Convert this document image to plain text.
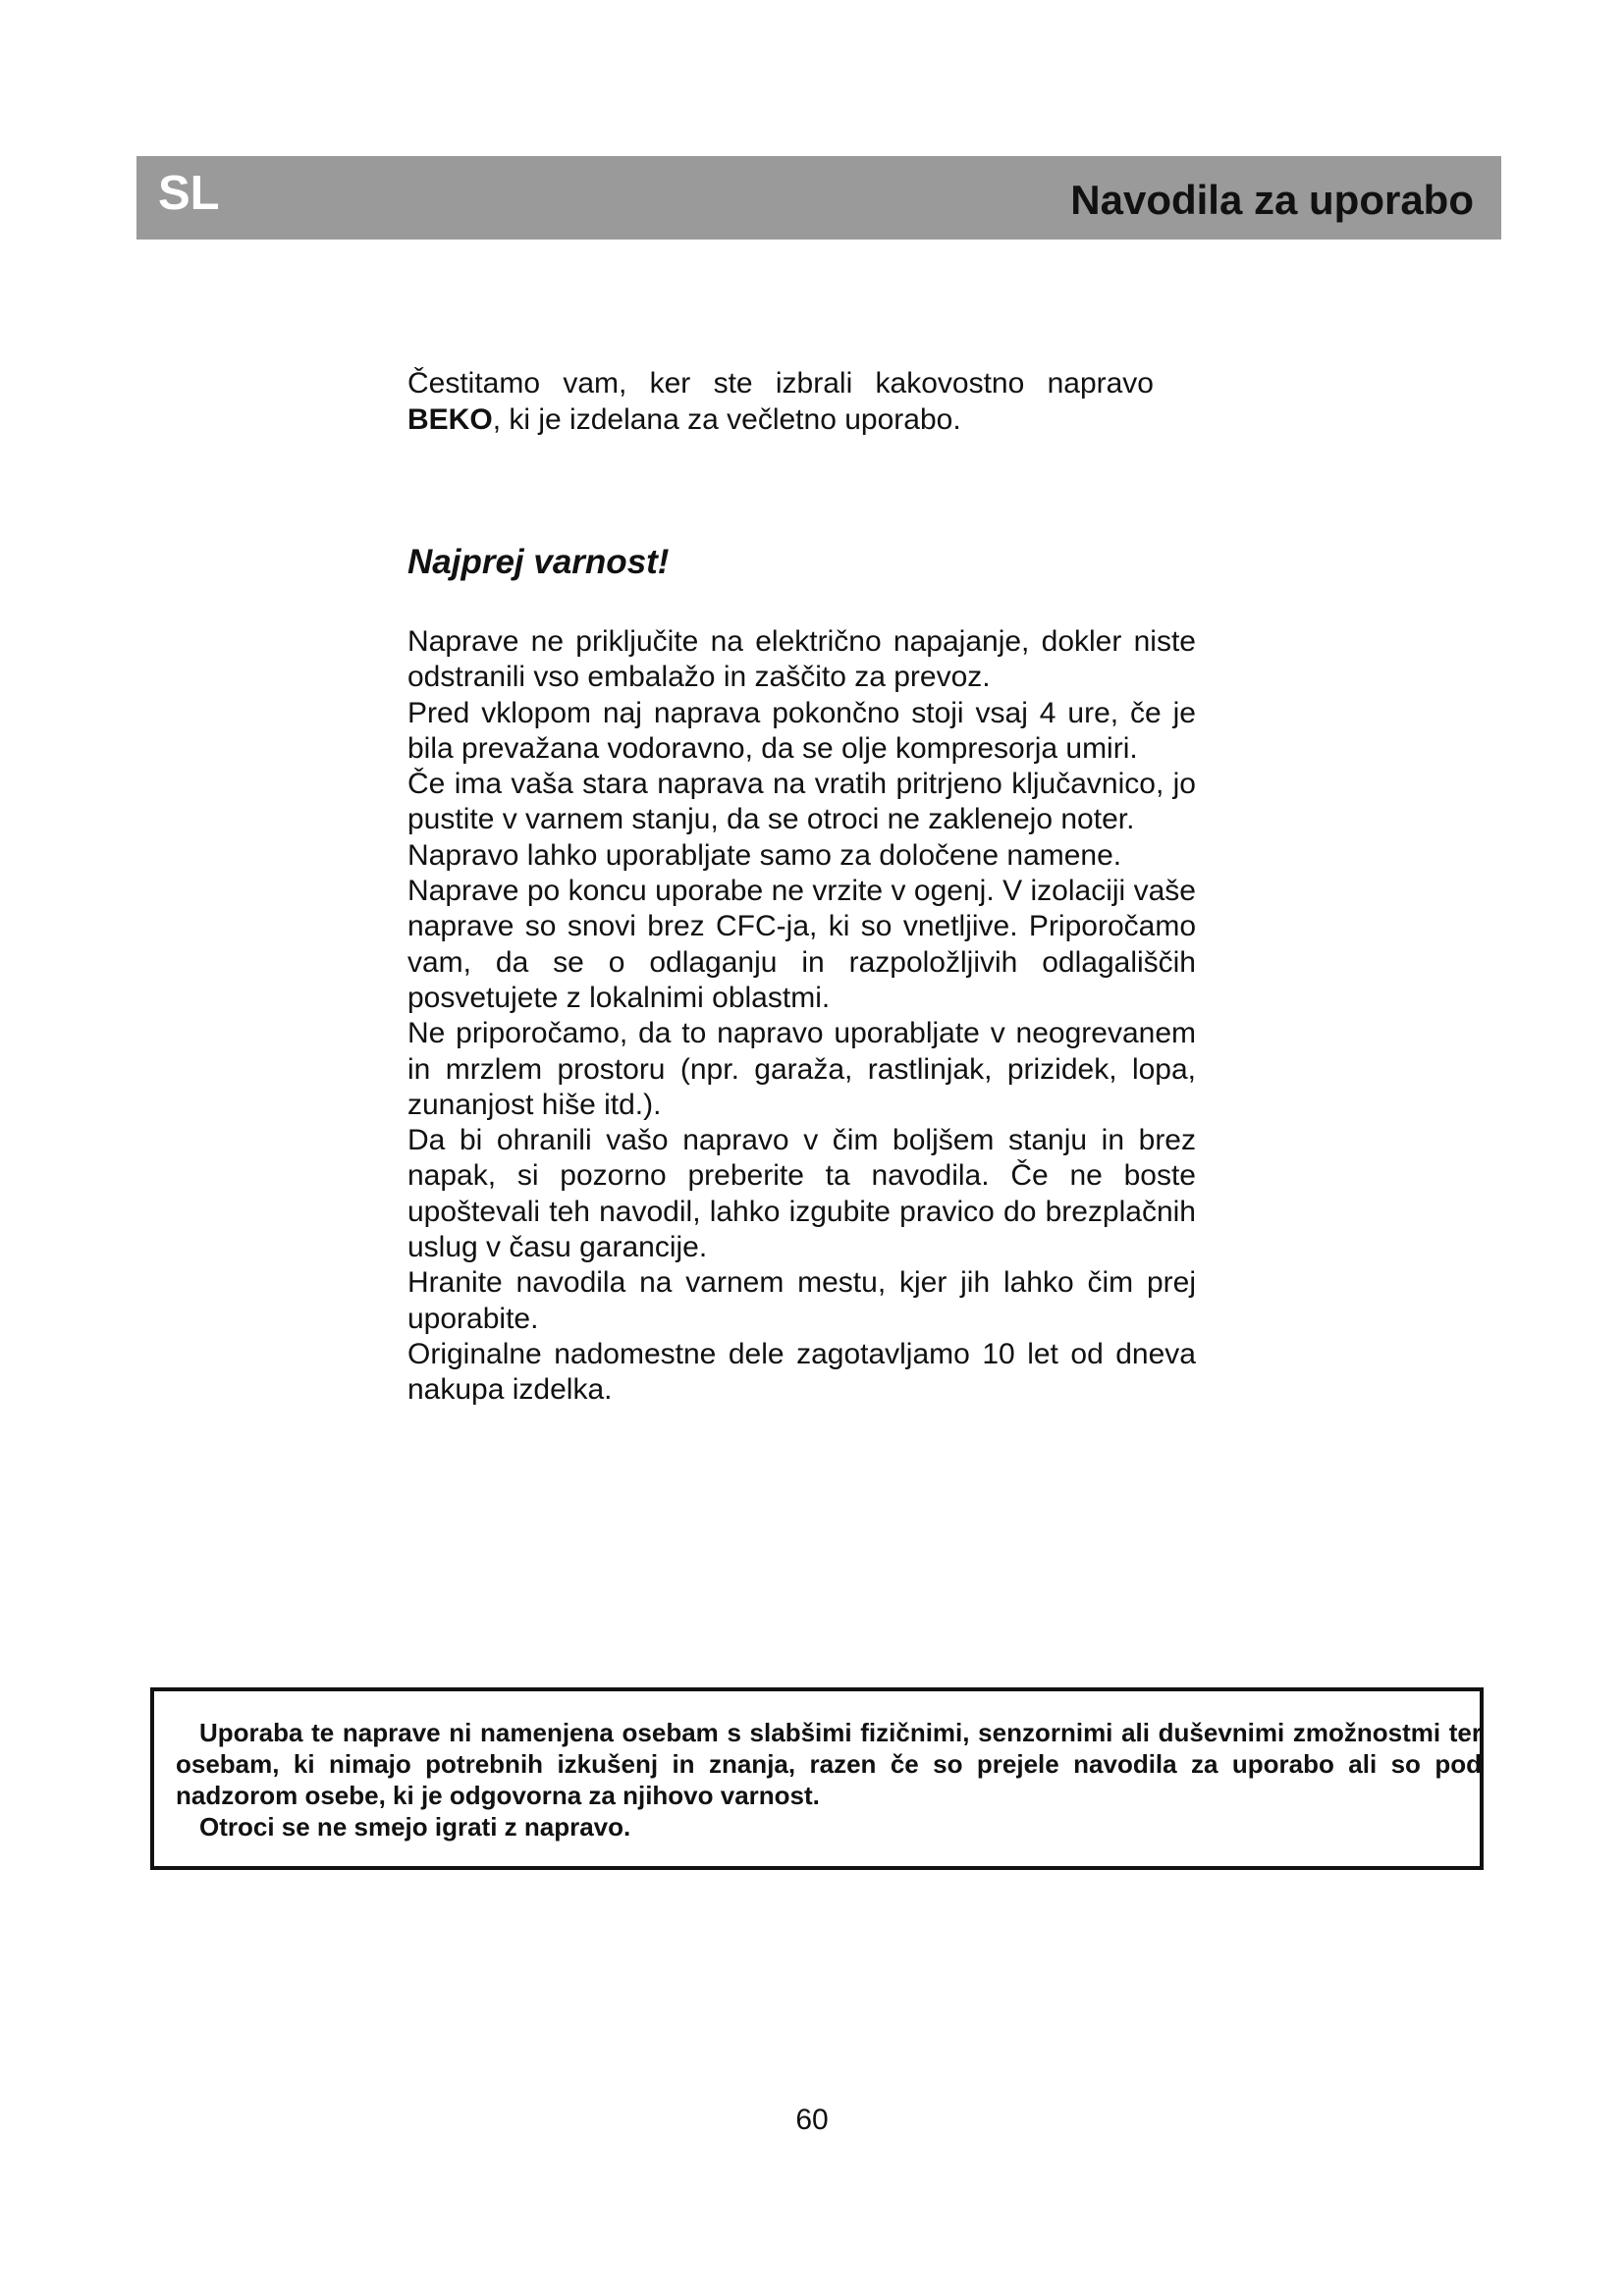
SL	Navodila za uporabo
Čestitamo vam, ker ste izbrali kakovostno napravo BEKO, ki je izdelana za večletno uporabo.
Najprej varnost!

Naprave ne priključite na električno napajanje, dokler niste odstranili vso embalažo in zaščito za prevoz.

Pred vklopom naj naprava pokončno stoji vsaj 4 ure, če je bila prevažana vodoravno, da se olje kompresorja umiri.

Če ima vaša stara naprava na vratih pritrjeno ključavnico, jo pustite v varnem stanju, da se otroci ne zaklenejo noter.

Napravo lahko uporabljate samo za določene namene.

Naprave po koncu uporabe ne vrzite v ogenj. V izolaciji vaše naprave so snovi brez CFC-ja, ki so vnetljive. Priporočamo vam, da se o odlaganju in razpoložljivih odlagališčih posvetujete z lokalnimi oblastmi.

Ne priporočamo, da to napravo uporabljate v neogrevanem in mrzlem prostoru (npr. garaža, rastlinjak, prizidek, lopa, zunanjost hiše itd.).

Da bi ohranili vašo napravo v čim boljšem stanju in brez napak, si pozorno preberite ta navodila. Če ne boste upoštevali teh navodil, lahko izgubite pravico do brezplačnih uslug v času garancije.

Hranite navodila na varnem mestu, kjer jih lahko čim prej uporabite.

Originalne nadomestne dele zagotavljamo 10 let od dneva nakupa izdelka.

Uporaba te naprave ni namenjena osebam s slabšimi fizičnimi, senzornimi ali duševnimi zmožnostmi ter osebam, ki nimajo potrebnih izkušenj in znanja, razen če so prejele navodila za uporabo ali so pod nadzorom osebe, ki je odgovorna za njihovo varnost.

Otroci se ne smejo igrati z napravo.

60
